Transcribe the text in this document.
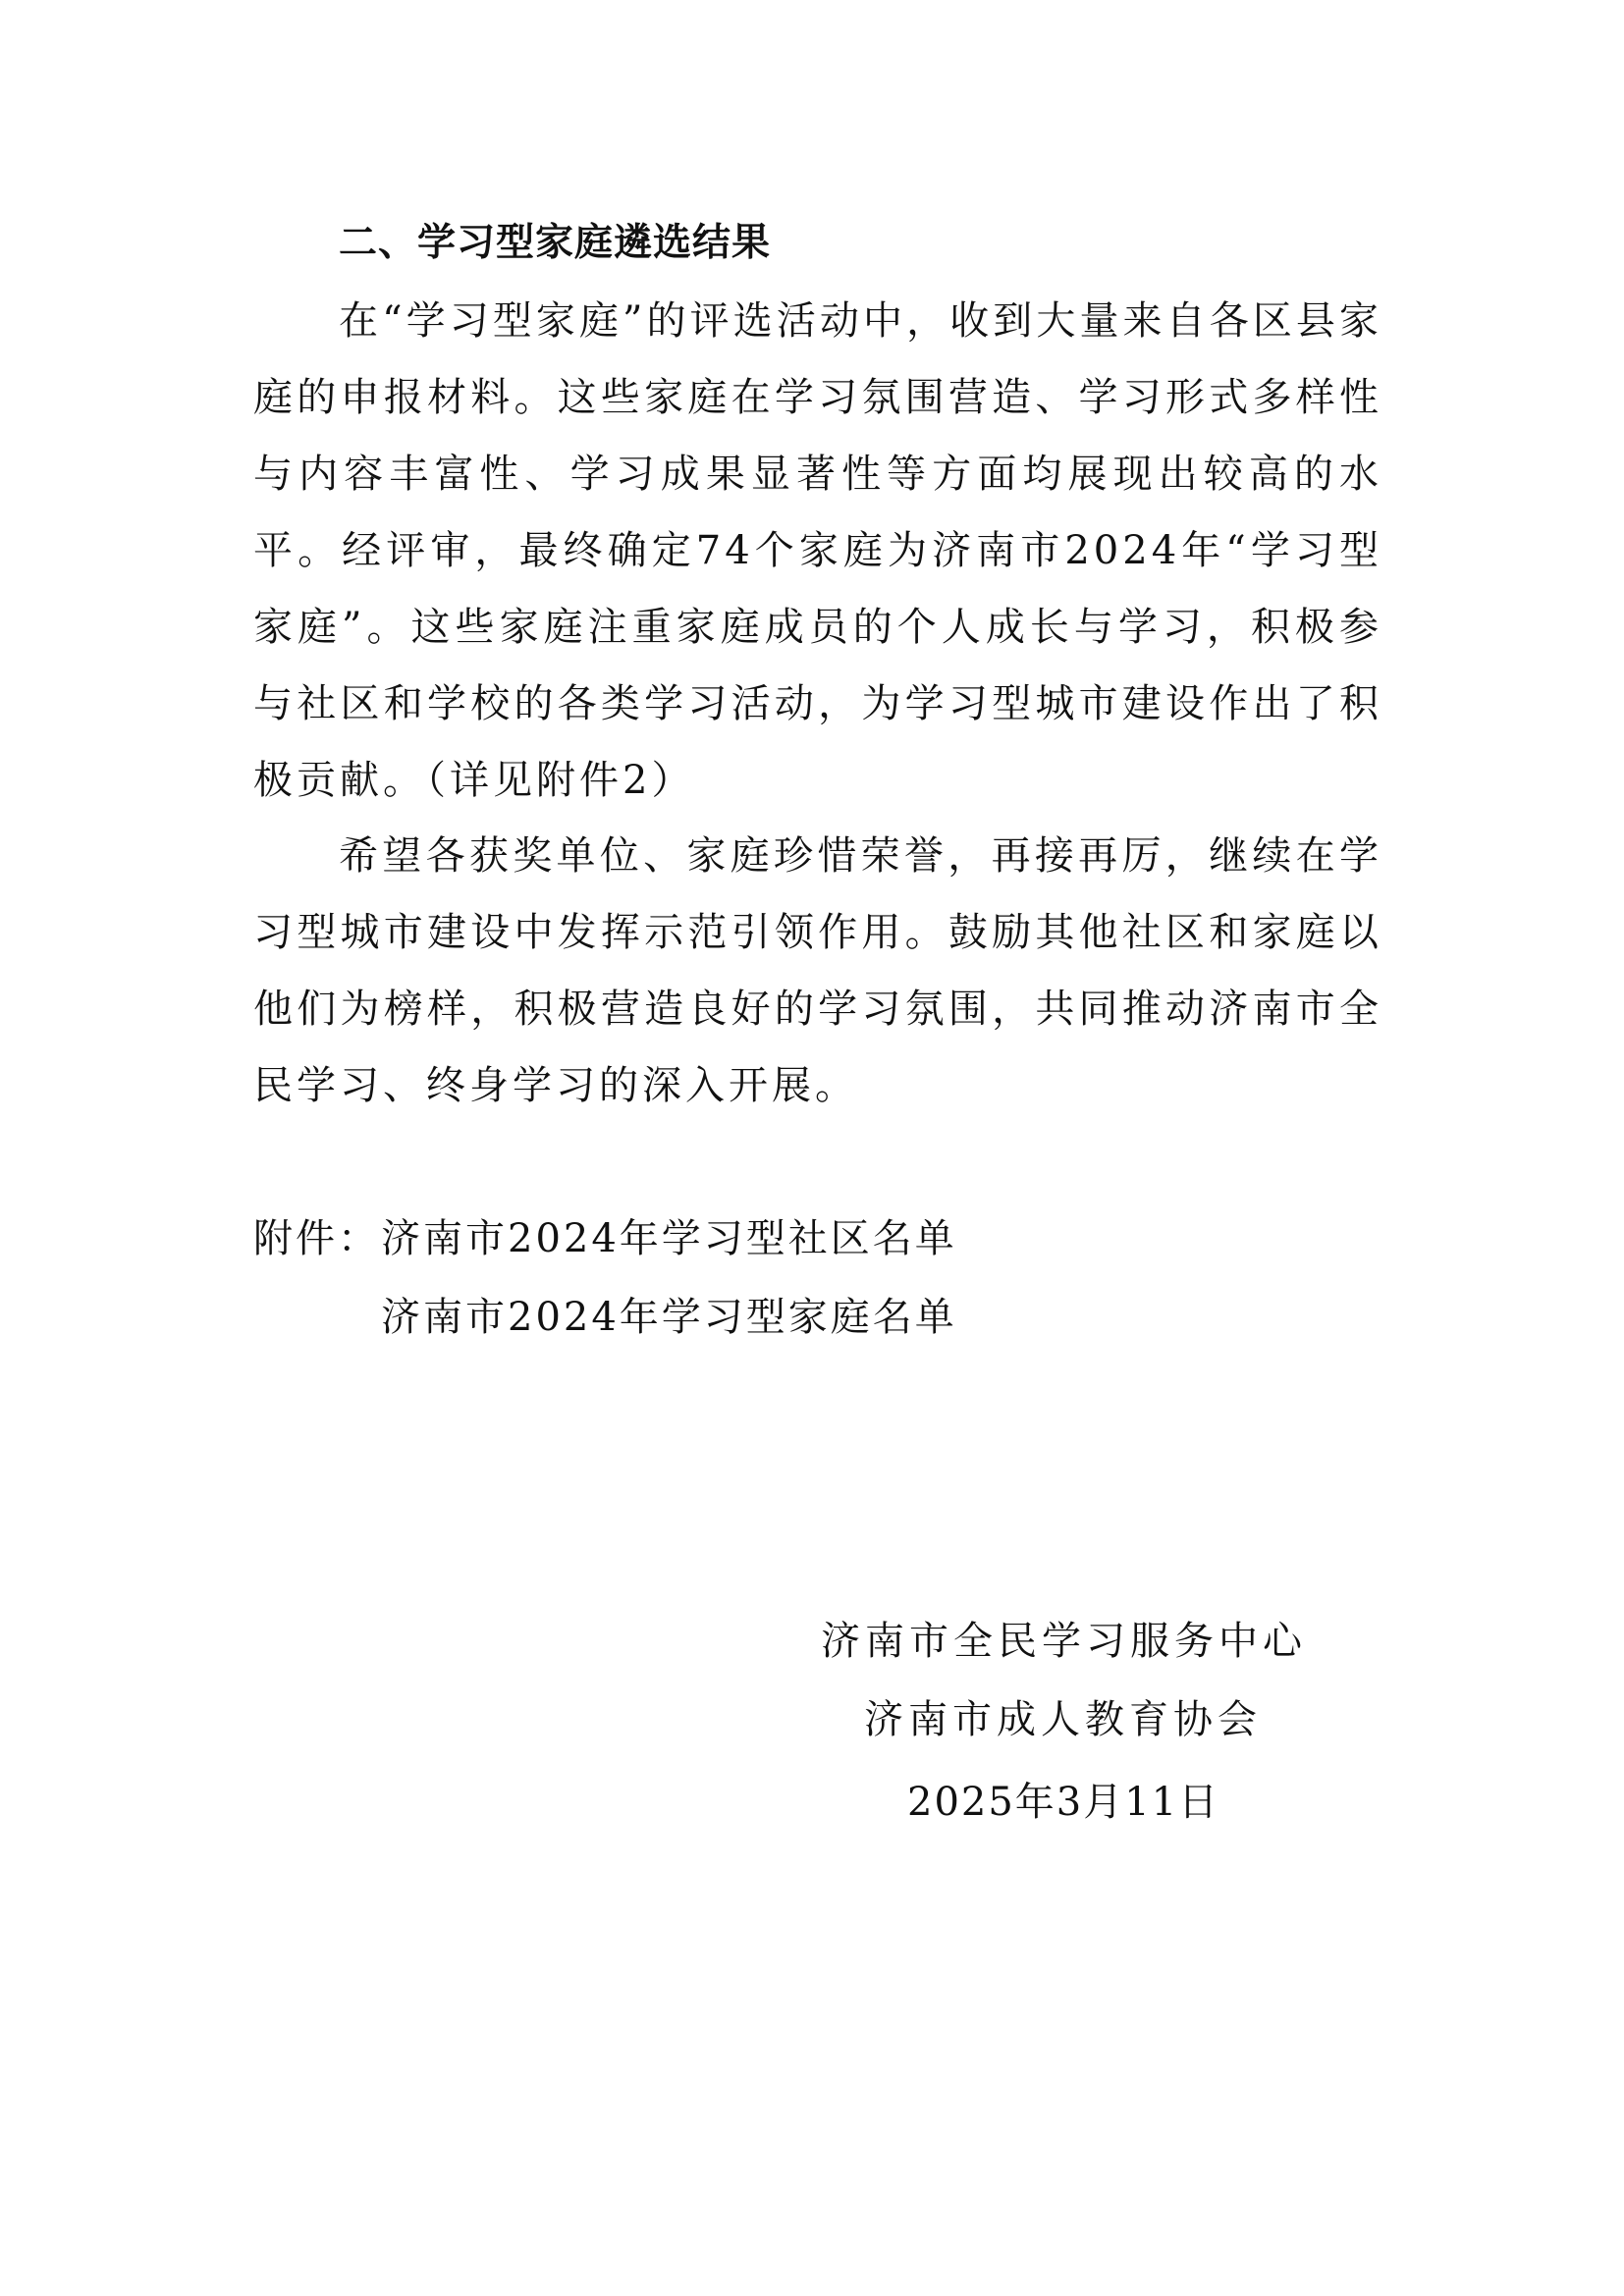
二、学习型家庭遴选结果

在“学习型家庭”的评选活动中，收到大量来自各区县家庭的申报材料。这些家庭在学习氛围营造、学习形式多样性与内容丰富性、学习成果显著性等方面均展现出较高的水平。经评审，最终确定74个家庭为济南市2024年“学习型家庭”。这些家庭注重家庭成员的个人成长与学习，积极参与社区和学校的各类学习活动，为学习型城市建设作出了积极贡献。（详见附件2）

希望各获奖单位、家庭珍惜荣誉，再接再厉，继续在学习型城市建设中发挥示范引领作用。鼓励其他社区和家庭以他们为榜样，积极营造良好的学习氛围，共同推动济南市全民学习、终身学习的深入开展。

附件： 济南市2024年学习型社区名单
济南市2024年学习型家庭名单
济南市全民学习服务中心
济南市成人教育协会
2025年3月11日
